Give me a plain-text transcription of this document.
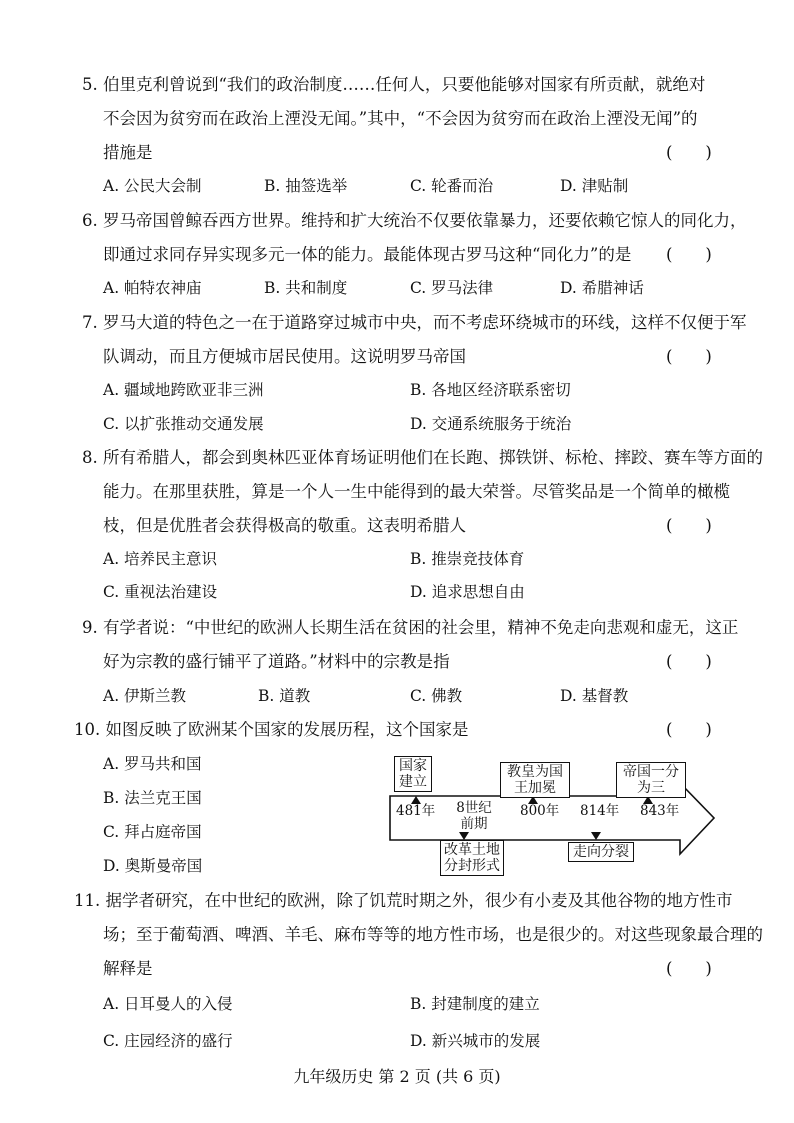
5. 伯里克利曾说到“我们的政治制度……任何人，只要他能够对国家有所贡献，就绝对
不会因为贫穷而在政治上湮没无闻。”其中，“不会因为贫穷而在政治上湮没无闻”的
措施是	(　　)
A. 公民大会制	B. 抽签选举	C. 轮番而治	D. 津贴制
6. 罗马帝国曾鲸吞西方世界。维持和扩大统治不仅要依靠暴力，还要依赖它惊人的同化力，
即通过求同存异实现多元一体的能力。最能体现古罗马这种“同化力”的是 (　　)
A. 帕特农神庙	B. 共和制度	C. 罗马法律	D. 希腊神话
7. 罗马大道的特色之一在于道路穿过城市中央，而不考虑环绕城市的环线，这样不仅便于军
队调动，而且方便城市居民使用。这说明罗马帝国	(　　)
A. 疆域地跨欧亚非三洲	B. 各地区经济联系密切
C. 以扩张推动交通发展	D. 交通系统服务于统治
8. 所有希腊人，都会到奥林匹亚体育场证明他们在长跑、掷铁饼、标枪、摔跤、赛车等方面的
能力。在那里获胜，算是一个人一生中能得到的最大荣誉。尽管奖品是一个简单的橄榄
枝，但是优胜者会获得极高的敬重。这表明希腊人	(　　)
A. 培养民主意识	B. 推崇竞技体育
C. 重视法治建设	D. 追求思想自由
9. 有学者说：“中世纪的欧洲人长期生活在贫困的社会里，精神不免走向悲观和虚无，这正
好为宗教的盛行铺平了道路。”材料中的宗教是指	(　　)
A. 伊斯兰教	B. 道教	C. 佛教	D. 基督教
10. 如图反映了欧洲某个国家的发展历程，这个国家是	(　　)
A. 罗马共和国
B. 法兰克王国
C. 拜占庭帝国
D. 奥斯曼帝国
国家建立
教皇为国王加冕
帝国一分为三
481年 8世纪前期
800年 814年 843年
改革土地分封形式
走向分裂
11. 据学者研究，在中世纪的欧洲，除了饥荒时期之外，很少有小麦及其他谷物的地方性市
场；至于葡萄酒、啤酒、羊毛、麻布等等的地方性市场，也是很少的。对这些现象最合理的
解释是	(　　)
A. 日耳曼人的入侵	B. 封建制度的建立
C. 庄园经济的盛行	D. 新兴城市的发展
九年级历史 第 2 页 (共 6 页)
